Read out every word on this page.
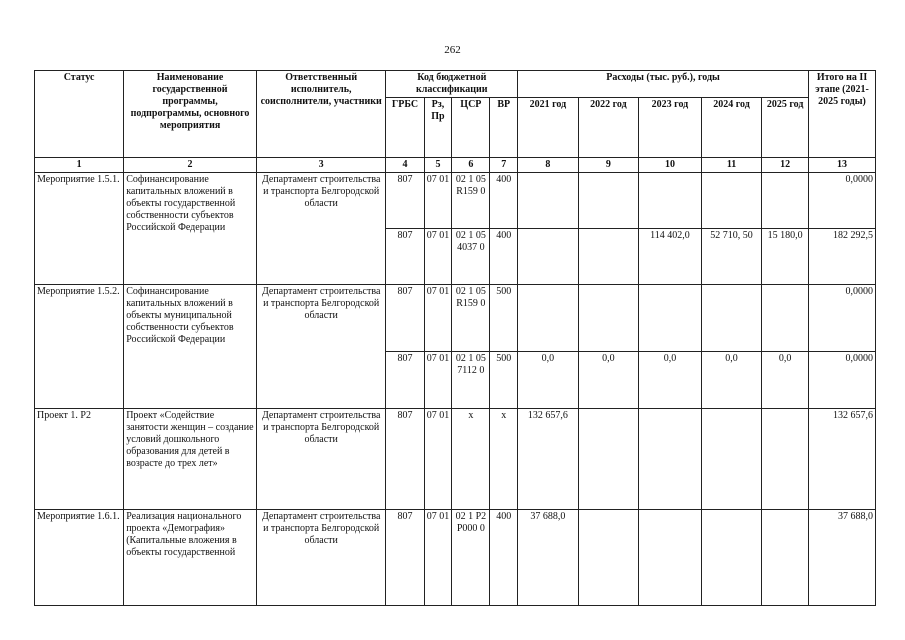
262
Статус	Наименование государственной программы, подпрограммы, основного мероприятия	Ответственный исполнитель, соисполнители, участники	Код бюджетной классификации				Расходы (тыс. руб.), годы					Итого на II этапе (2021-2025 годы)
			ГРБС	Рз, Пр	ЦСР	ВР	2021 год	2022 год	2023 год	2024 год	2025 год	
1	2	3	4	5	6	7	8	9	10	11	12	13
Мероприятие 1.5.1.	Софинансирование капитальных вложений в объекты государственной собственности субъектов Российской Федерации	Департамент строительства и транспорта Белгородской области	807	07 01	02 1 05 R159 0	400						0,0000
			807	07 01	02 1 05 4037 0	400			114 402,0	52 710, 50	15 180,0	182 292,5
Мероприятие 1.5.2.	Софинансирование капитальных вложений в объекты муниципальной собственности субъектов Российской Федерации	Департамент строительства и транспорта Белгородской области	807	07 01	02 1 05 R159 0	500						0,0000
			807	07 01	02 1 05 7112 0	500	0,0	0,0	0,0	0,0	0,0	0,0000
Проект 1. Р2	Проект «Содействие занятости женщин – создание условий дошкольного образования для детей в возрасте до трех лет»	Департамент строительства и транспорта Белгородской области	807	07 01	х	х	132 657,6					132 657,6
Мероприятие 1.6.1.	Реализация национального проекта «Демография» (Капитальные вложения в объекты государственной	Департамент строительства и транспорта Белгородской области	807	07 01	02 1 Р2 Р000 0	400	37 688,0					37 688,0
